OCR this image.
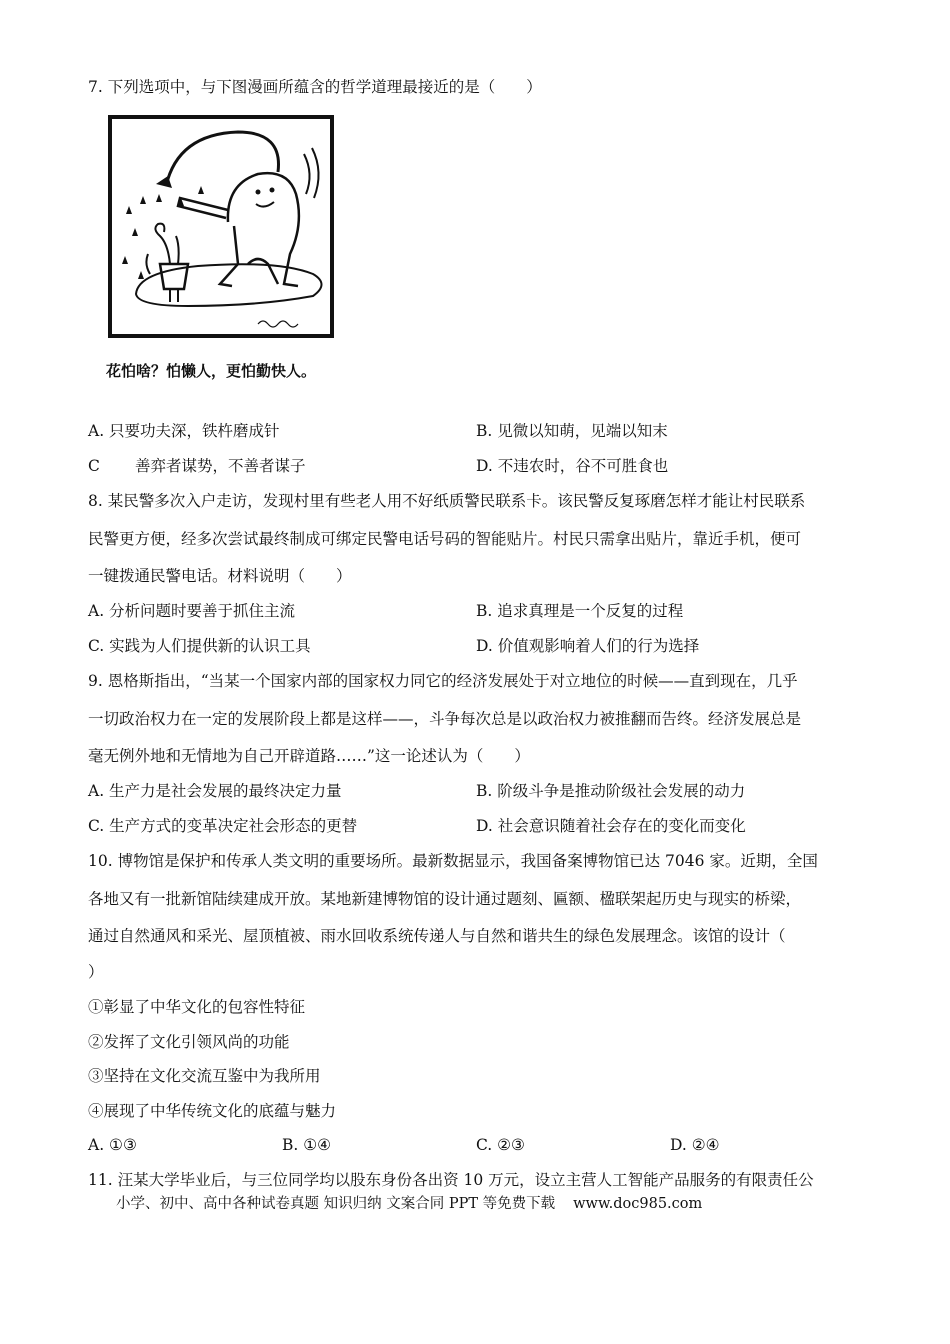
7. 下列选项中，与下图漫画所蕴含的哲学道理最接近的是（　　）
花怕啥？怕懒人，更怕勤快人。
A. 只要功夫深，铁杵磨成针	B. 见微以知萌，见端以知末
C 善弈者谋势，不善者谋子	D. 不违农时，谷不可胜食也
8. 某民警多次入户走访，发现村里有些老人用不好纸质警民联系卡。该民警反复琢磨怎样才能让村民联系
民警更方便，经多次尝试最终制成可绑定民警电话号码的智能贴片。村民只需拿出贴片，靠近手机，便可
一键拨通民警电话。材料说明（　　）
A. 分析问题时要善于抓住主流	B. 追求真理是一个反复的过程
C. 实践为人们提供新的认识工具	D. 价值观影响着人们的行为选择
9. 恩格斯指出，“当某一个国家内部的国家权力同它的经济发展处于对立地位的时候——直到现在，几乎
一切政治权力在一定的发展阶段上都是这样——，斗争每次总是以政治权力被推翻而告终。经济发展总是
毫无例外地和无情地为自己开辟道路……”这一论述认为（　　）
A. 生产力是社会发展的最终决定力量	B. 阶级斗争是推动阶级社会发展的动力
C. 生产方式的变革决定社会形态的更替	D. 社会意识随着社会存在的变化而变化
10. 博物馆是保护和传承人类文明的重要场所。最新数据显示，我国备案博物馆已达 7046 家。近期，全国
各地又有一批新馆陆续建成开放。某地新建博物馆的设计通过题刻、匾额、楹联架起历史与现实的桥梁，
通过自然通风和采光、屋顶植被、雨水回收系统传递人与自然和谐共生的绿色发展理念。该馆的设计（
）
①彰显了中华文化的包容性特征
②发挥了文化引领风尚的功能
③坚持在文化交流互鉴中为我所用
④展现了中华传统文化的底蕴与魅力
A. ①③	B. ①④	C. ②③	D. ②④
11. 汪某大学毕业后，与三位同学均以股东身份各出资 10 万元，设立主营人工智能产品服务的有限责任公
小学、初中、高中各种试卷真题 知识归纳 文案合同 PPT 等免费下载 www.doc985.com
